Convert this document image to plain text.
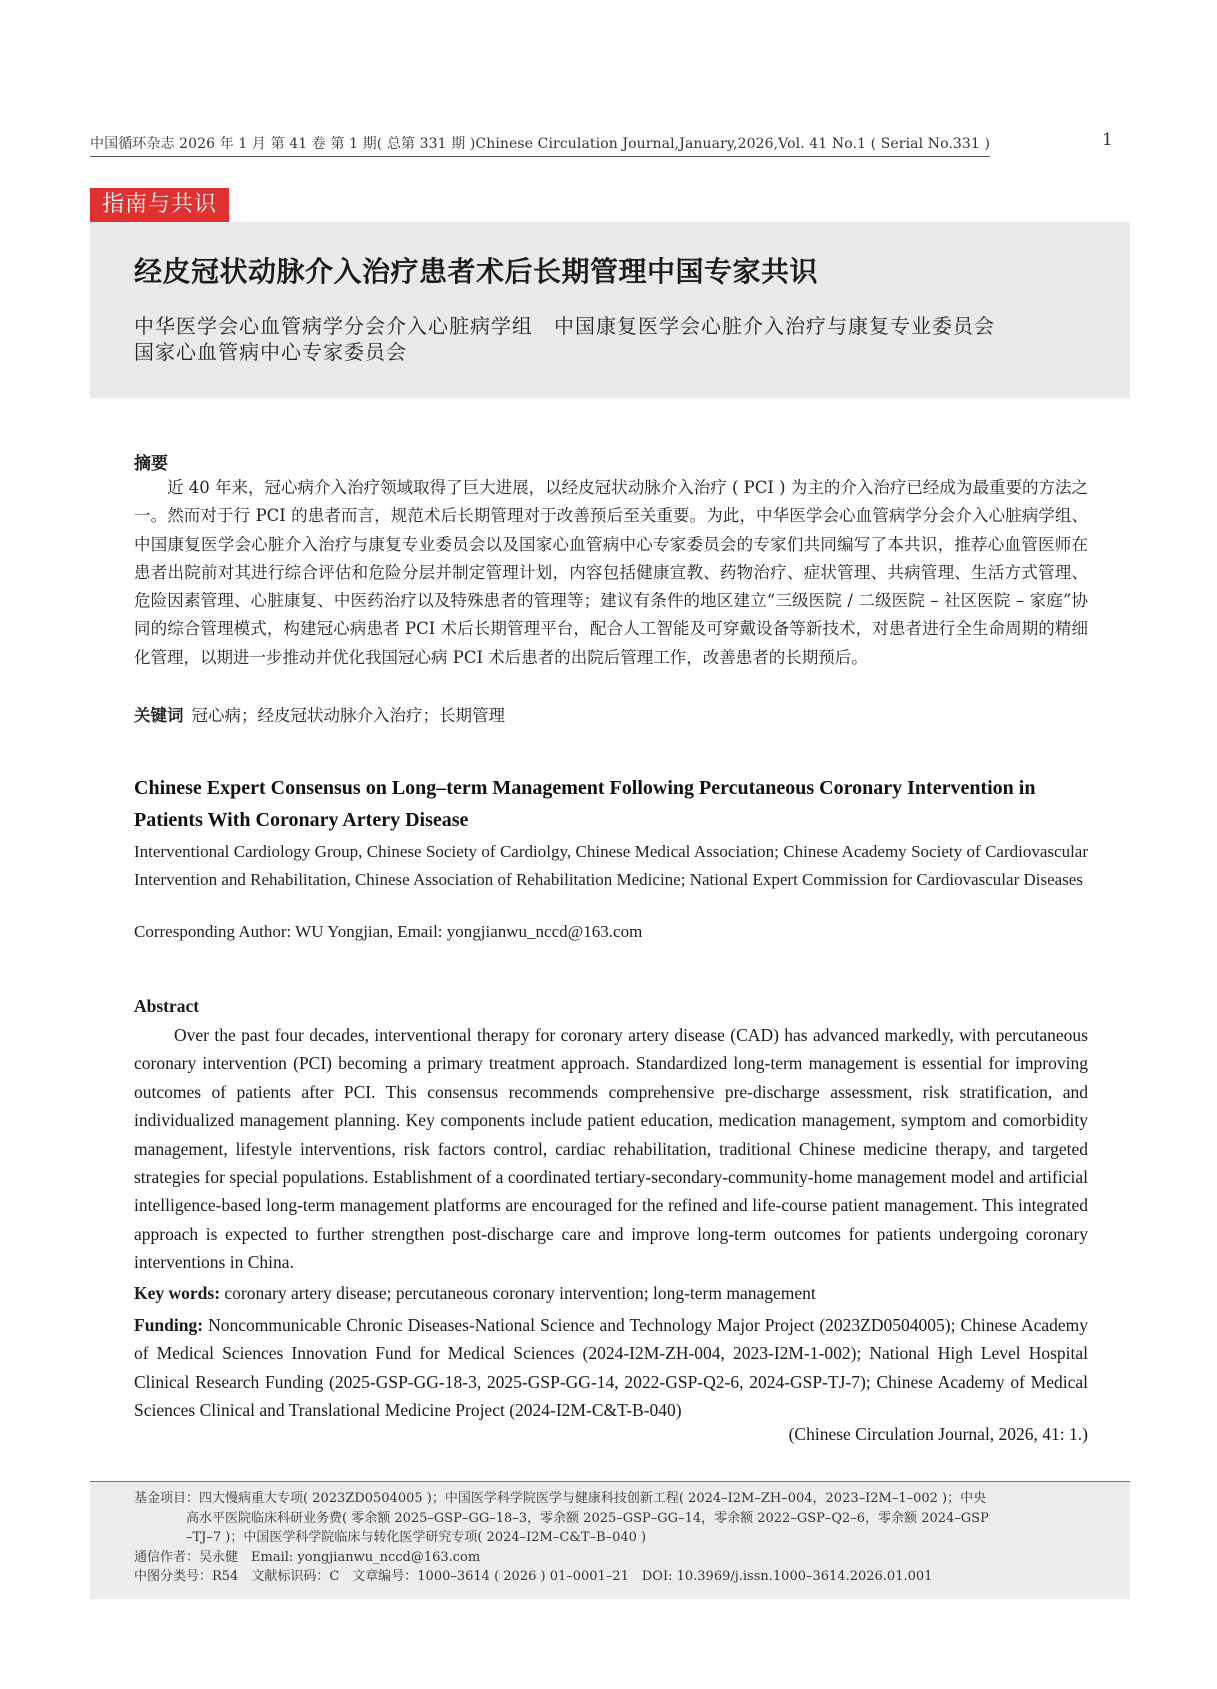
中国循环杂志 2026 年 1 月 第 41 卷 第 1 期( 总第 331 期 )Chinese Circulation Journal,January,2026,Vol. 41 No.1 ( Serial No.331 )	1
指南与共识
经皮冠状动脉介入治疗患者术后长期管理中国专家共识
中华医学会心血管病学分会介入心脏病学组　中国康复医学会心脏介入治疗与康复专业委员会
国家心血管病中心专家委员会
摘要

近 40 年来，冠心病介入治疗领域取得了巨大进展，以经皮冠状动脉介入治疗 ( PCI ) 为主的介入治疗已经成为最重要的方法之一。然而对于行 PCI 的患者而言，规范术后长期管理对于改善预后至关重要。为此，中华医学会心血管病学分会介入心脏病学组、中国康复医学会心脏介入治疗与康复专业委员会以及国家心血管病中心专家委员会的专家们共同编写了本共识，推荐心血管医师在患者出院前对其进行综合评估和危险分层并制定管理计划，内容包括健康宣教、药物治疗、症状管理、共病管理、生活方式管理、危险因素管理、心脏康复、中医药治疗以及特殊患者的管理等；建议有条件的地区建立“三级医院 / 二级医院 – 社区医院 – 家庭”协同的综合管理模式，构建冠心病患者 PCI 术后长期管理平台，配合人工智能及可穿戴设备等新技术，对患者进行全生命周期的精细化管理，以期进一步推动并优化我国冠心病 PCI 术后患者的出院后管理工作，改善患者的长期预后。

关键词 冠心病；经皮冠状动脉介入治疗；长期管理
Chinese Expert Consensus on Long–term Management Following Percutaneous Coronary Intervention in Patients With Coronary Artery Disease

Interventional Cardiology Group, Chinese Society of Cardiolgy, Chinese Medical Association; Chinese Academy Society of Cardiovascular Intervention and Rehabilitation, Chinese Association of Rehabilitation Medicine; National Expert Commission for Cardiovascular Diseases

Corresponding Author: WU Yongjian, Email: yongjianwu_nccd@163.com

Abstract

Over the past four decades, interventional therapy for coronary artery disease (CAD) has advanced markedly, with percutaneous coronary intervention (PCI) becoming a primary treatment approach. Standardized long-term management is essential for improving outcomes of patients after PCI. This consensus recommends comprehensive pre-discharge assessment, risk stratification, and individualized management planning. Key components include patient education, medication management, symptom and comorbidity management, lifestyle interventions, risk factors control, cardiac rehabilitation, traditional Chinese medicine therapy, and targeted strategies for special populations. Establishment of a coordinated tertiary-secondary-community-home management model and artificial intelligence-based long-term management platforms are encouraged for the refined and life-course patient management. This integrated approach is expected to further strengthen post-discharge care and improve long-term outcomes for patients undergoing coronary interventions in China.

Key words: coronary artery disease; percutaneous coronary intervention; long-term management

Funding: Noncommunicable Chronic Diseases-National Science and Technology Major Project (2023ZD0504005); Chinese Academy of Medical Sciences Innovation Fund for Medical Sciences (2024-I2M-ZH-004, 2023-I2M-1-002); National High Level Hospital Clinical Research Funding (2025-GSP-GG-18-3, 2025-GSP-GG-14, 2022-GSP-Q2-6, 2024-GSP-TJ-7); Chinese Academy of Medical Sciences Clinical and Translational Medicine Project (2024-I2M-C&T-B-040)

(Chinese Circulation Journal, 2026, 41: 1.)
基金项目：四大慢病重大专项( 2023ZD0504005 )；中国医学科学院医学与健康科技创新工程( 2024–I2M–ZH–004，2023–I2M–1–002 )；中央
　　　　高水平医院临床科研业务费( 零余额 2025–GSP–GG–18–3，零余额 2025–GSP–GG–14，零余额 2022–GSP–Q2–6，零余额 2024–GSP
　　　　–TJ–7 )；中国医学科学院临床与转化医学研究专项( 2024–I2M–C&T–B–040 )
通信作者：吴永健　Email: yongjianwu_nccd@163.com
中图分类号：R54　文献标识码：C　文章编号：1000–3614 ( 2026 ) 01–0001–21　DOI: 10.3969/j.issn.1000–3614.2026.01.001
